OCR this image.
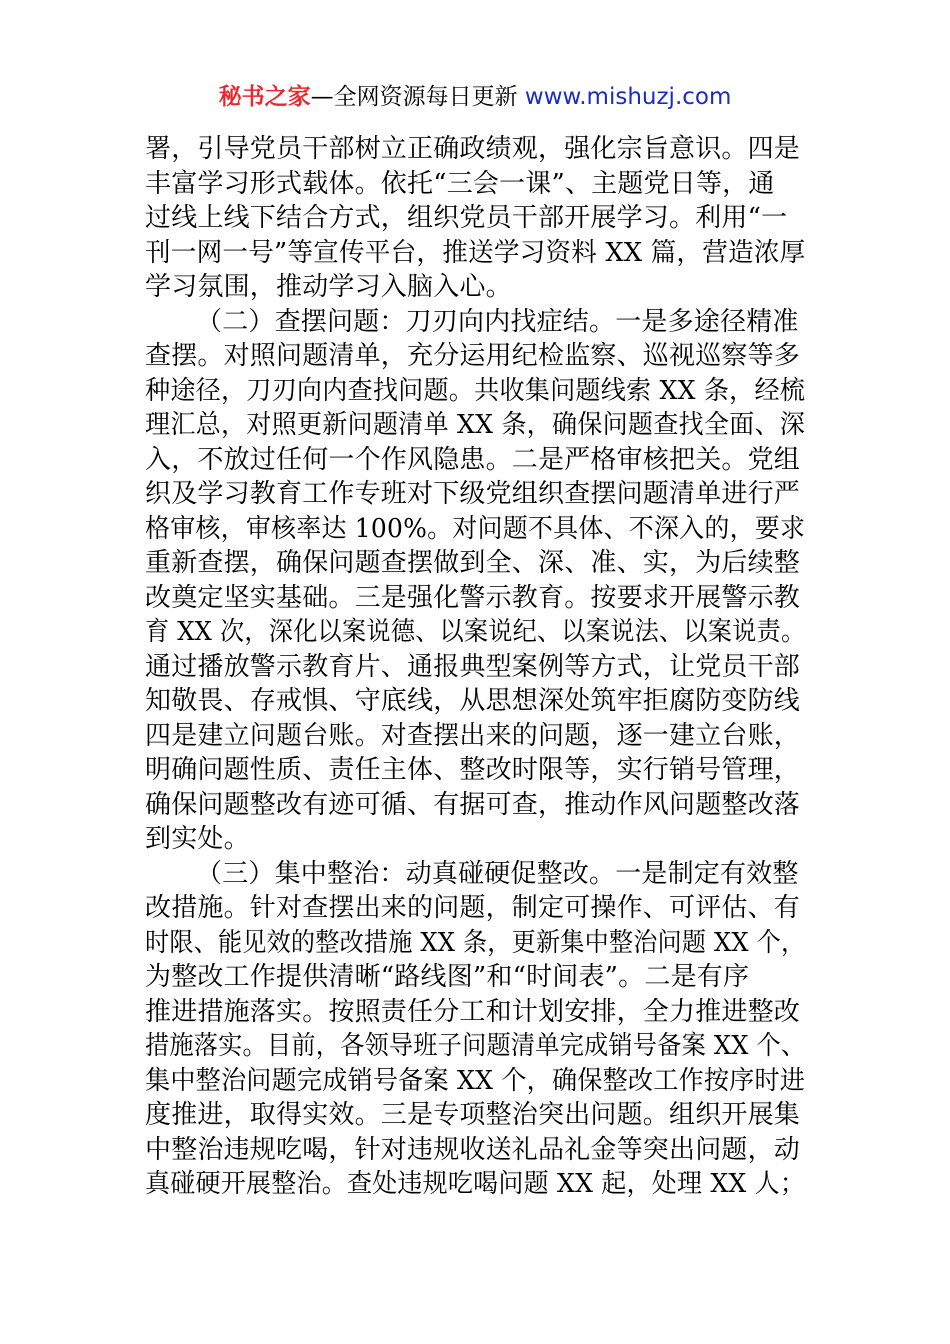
秘书之家—全网资源每日更新 www.mishuzj.com
署，引导党员干部树立正确政绩观，强化宗旨意识。四是
丰富学习形式载体。依托“三会一课”、主题党日等，通
过线上线下结合方式，组织党员干部开展学习。利用“一
刊一网一号”等宣传平台，推送学习资料 XX 篇，营造浓厚
学习氛围，推动学习入脑入心。
（二）查摆问题：刀刃向内找症结。一是多途径精准
查摆。对照问题清单，充分运用纪检监察、巡视巡察等多
种途径，刀刃向内查找问题。共收集问题线索 XX 条，经梳
理汇总，对照更新问题清单 XX 条，确保问题查找全面、深
入，不放过任何一个作风隐患。二是严格审核把关。党组
织及学习教育工作专班对下级党组织查摆问题清单进行严
格审核，审核率达 100%。对问题不具体、不深入的，要求
重新查摆，确保问题查摆做到全、深、准、实，为后续整
改奠定坚实基础。三是强化警示教育。按要求开展警示教
育 XX 次，深化以案说德、以案说纪、以案说法、以案说责。
通过播放警示教育片、通报典型案例等方式，让党员干部
知敬畏、存戒惧、守底线，从思想深处筑牢拒腐防变防线
四是建立问题台账。对查摆出来的问题，逐一建立台账，
明确问题性质、责任主体、整改时限等，实行销号管理，
确保问题整改有迹可循、有据可查，推动作风问题整改落
到实处。
（三）集中整治：动真碰硬促整改。一是制定有效整
改措施。针对查摆出来的问题，制定可操作、可评估、有
时限、能见效的整改措施 XX 条，更新集中整治问题 XX 个，
为整改工作提供清晰“路线图”和“时间表”。二是有序
推进措施落实。按照责任分工和计划安排，全力推进整改
措施落实。目前，各领导班子问题清单完成销号备案 XX 个、
集中整治问题完成销号备案 XX 个，确保整改工作按序时进
度推进，取得实效。三是专项整治突出问题。组织开展集
中整治违规吃喝，针对违规收送礼品礼金等突出问题，动
真碰硬开展整治。查处违规吃喝问题 XX 起，处理 XX 人；
